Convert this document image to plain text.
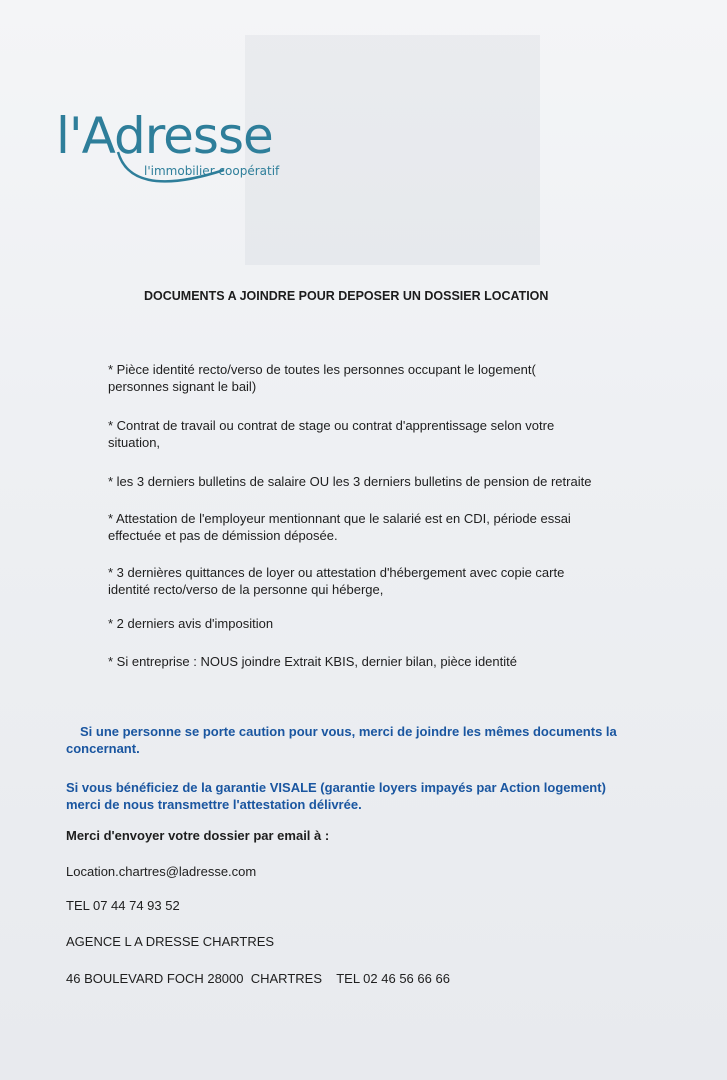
l'Adresse
l'immobilier coopératif
DOCUMENTS A JOINDRE POUR DEPOSER UN DOSSIER LOCATION
* Pièce identité recto/verso de toutes les personnes occupant le logement( personnes signant le bail)
* Contrat de travail ou contrat de stage ou contrat d'apprentissage selon votre situation,
* les 3 derniers bulletins de salaire OU les 3 derniers bulletins de pension de retraite
* Attestation de l'employeur mentionnant que le salarié est en CDI, période essai effectuée et pas de démission déposée.
* 3 dernières quittances de loyer ou attestation d'hébergement avec copie carte identité recto/verso de la personne qui héberge,
* 2 derniers avis d'imposition
* Si entreprise : NOUS joindre Extrait KBIS, dernier bilan, pièce identité
Si une personne se porte caution pour vous, merci de joindre les mêmes documents la concernant.
Si vous bénéficiez de la garantie VISALE (garantie loyers impayés par Action logement) merci de nous transmettre l'attestation délivrée.
Merci d'envoyer votre dossier par email à :
Location.chartres@ladresse.com
TEL 07 44 74 93 52
AGENCE L A DRESSE CHARTRES
46 BOULEVARD FOCH 28000  CHARTRES    TEL 02 46 56 66 66
